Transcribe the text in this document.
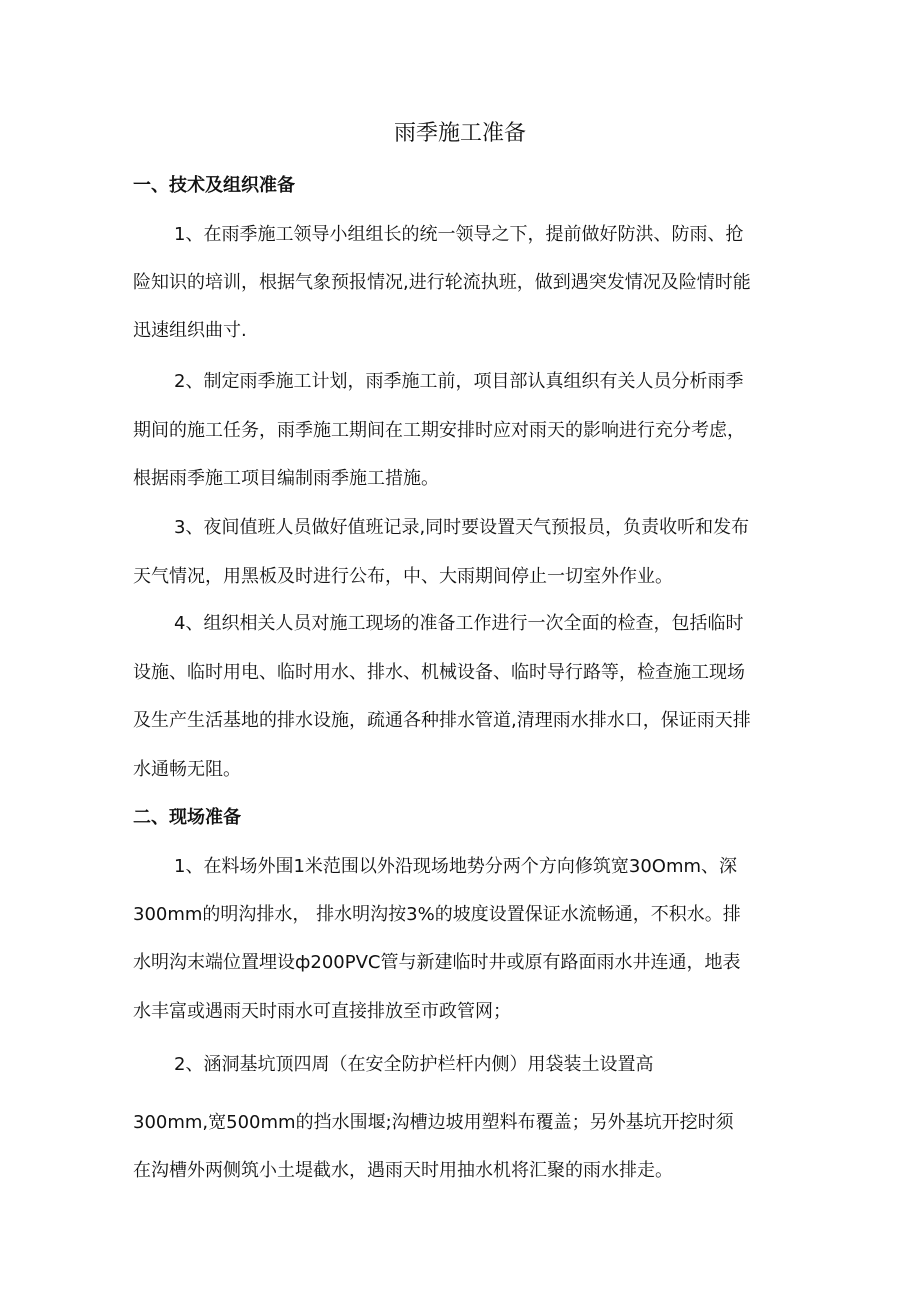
雨季施工准备
一、技术及组织准备
1、在雨季施工领导小组组长的统一领导之下，提前做好防洪、防雨、抢
险知识的培训，根据气象预报情况,进行轮流执班，做到遇突发情况及险情时能
迅速组织曲寸.
2、制定雨季施工计划，雨季施工前，项目部认真组织有关人员分析雨季
期间的施工任务，雨季施工期间在工期安排时应对雨天的影响进行充分考虑，
根据雨季施工项目编制雨季施工措施。
3、夜间值班人员做好值班记录,同时要设置天气预报员，负责收听和发布
天气情况，用黑板及时进行公布，中、大雨期间停止一切室外作业。
4、组织相关人员对施工现场的准备工作进行一次全面的检查，包括临时
设施、临时用电、临时用水、排水、机械设备、临时导行路等，检查施工现场
及生产生活基地的排水设施，疏通各种排水管道,清理雨水排水口，保证雨天排
水通畅无阻。
二、现场准备
1、在料场外围1米范围以外沿现场地势分两个方向修筑宽30Omm、深
300mm的明沟排水， 排水明沟按3%的坡度设置保证水流畅通，不积水。排
水明沟末端位置埋设ф200PVC管与新建临时井或原有路面雨水井连通，地表
水丰富或遇雨天时雨水可直接排放至市政管网；
2、涵洞基坑顶四周（在安全防护栏杆内侧）用袋装土设置高
300mm,宽500mm的挡水围堰;沟槽边坡用塑料布覆盖；另外基坑开挖时须
在沟槽外两侧筑小土堤截水，遇雨天时用抽水机将汇聚的雨水排走。
